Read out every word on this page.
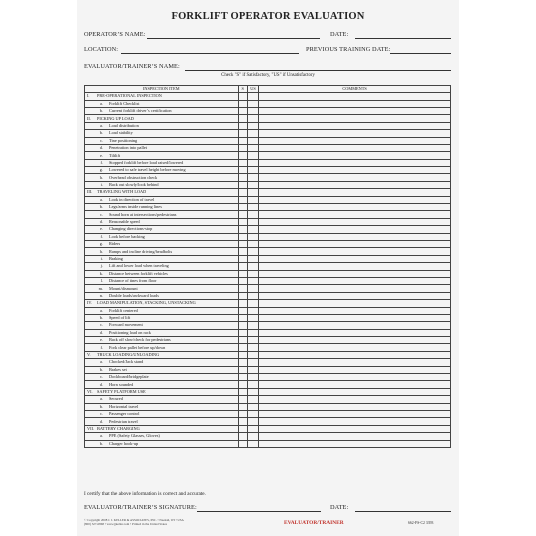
FORKLIFT OPERATOR EVALUATION
OPERATOR’S NAME:	DATE:
LOCATION:	PREVIOUS TRAINING DATE:
EVALUATOR/TRAINER’S NAME:
Check "S" if Satisfactory, "US" if Unsatisfactory
INSPECTION ITEM	S	US	COMMENTS
I. PRE-OPERATIONAL INSPECTION			
a. Forklift Checklist			
b. Current forklift driver’s certification			
II. PICKING UP LOAD			
a. Load distribution			
b. Load stability			
c. Tine positioning			
d. Penetration into pallet			
e. Tiltlift			
f. Stopped forklift before load raised/lowered			
g. Lowered to safe travel height before moving			
h. Overhead obstruction check			
i. Back out slowly/look behind			
III. TRAVELING WITH LOAD			
a. Look in direction of travel			
b. Legs/arms inside running lines			
c. Sound horn at intersections/pedestrians			
d. Reasonable speed			
e. Changing directions-stop			
f. Look before backing			
g. Riders			
h. Ramps and incline driving/headbolts			
i. Braking			
j. Lift and lower load when traveling			
k. Distance between forklift vehicles			
l. Distance of tines from floor			
m. Mount/dismount			
n. Double loads/awkward loads			
IV. LOAD MANIPULATION, STACKING, UNSTACKING			
a. Forklift centered			
b. Speed of lift			
c. Forward movement			
d. Positioning load on rack			
e. Back off slow/check for pedestrians			
f. Fork clear pallet before up/down			
V. TRUCK LOADING/UNLOADING			
a. Chocked/Jack stand			
b. Brakes set			
c. Dockboard/bridgeplate			
d. Horn sounded			
VI. SAFETY PLATFORM USE			
a. Secured			
b. Horizontal travel			
c. Passenger control			
d. Pedestrian travel			
VII. BATTERY CHARGING			
a. PPE (Safety Glasses, Gloves)			
b. Charger hook-up			
I certify that the above information is correct and accurate.
EVALUATOR/TRAINER’S SIGNATURE:	DATE:
© Copyright 2008 J. J. KELLER & ASSOCIATES, INC. • Neenah, WI • USA
(800) 327-6868 • www.jjkeller.com • Printed in the United States	EVALUATOR/TRAINER	662-FS-C2 3393
